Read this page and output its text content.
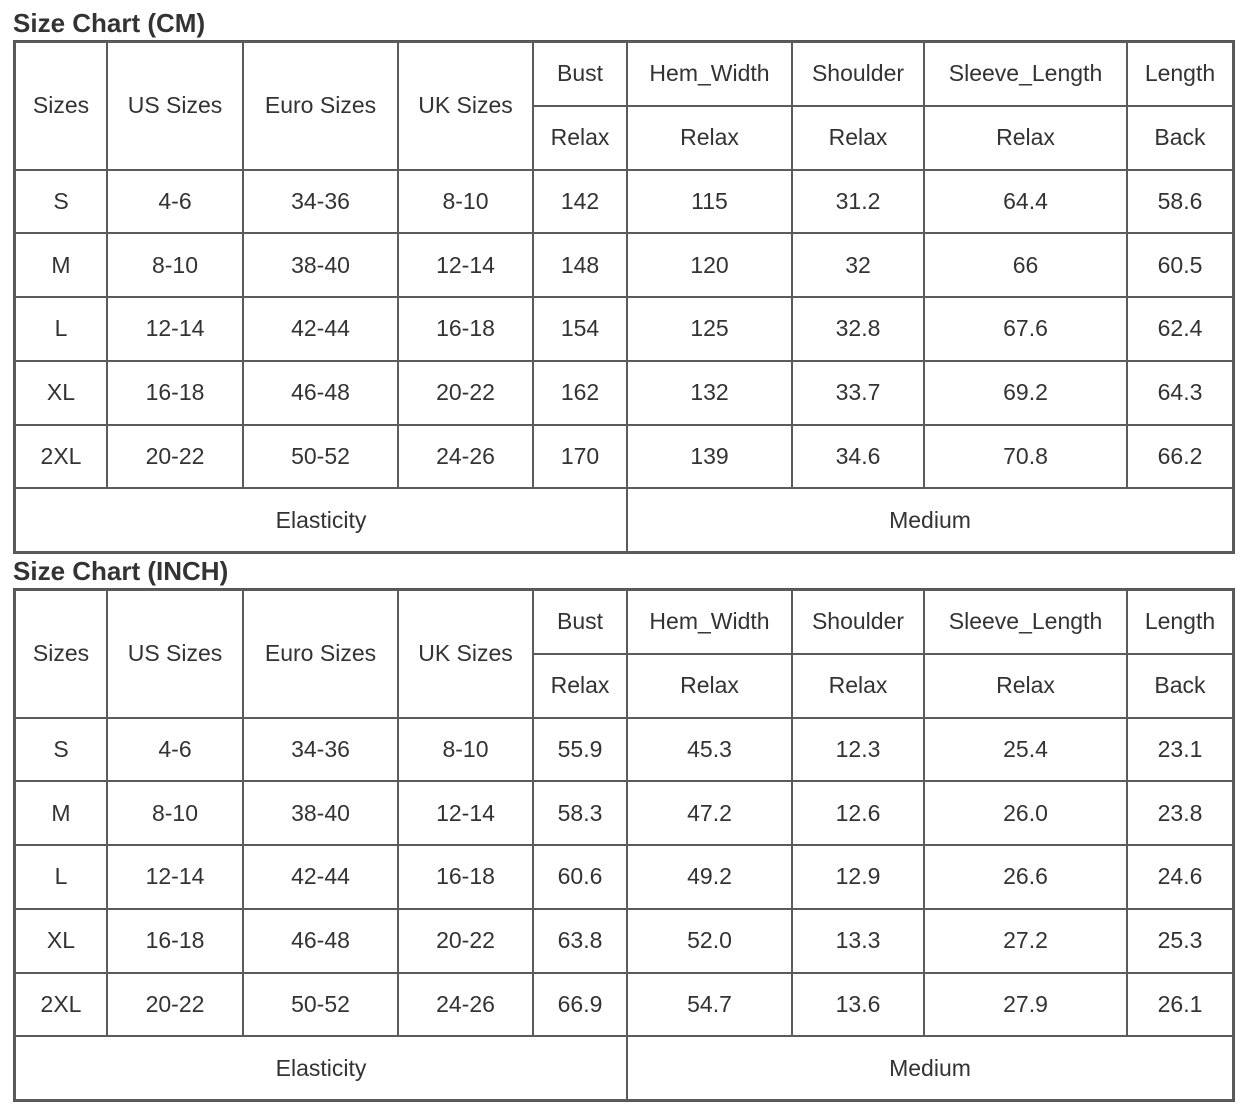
Size Chart (CM)
Sizes	US Sizes	Euro Sizes	UK Sizes	Bust	Hem_Width	Shoulder	Sleeve_Length	Length
				Relax	Relax	Relax	Relax	Back
S	4-6	34-36	8-10	142	115	31.2	64.4	58.6
M	8-10	38-40	12-14	148	120	32	66	60.5
L	12-14	42-44	16-18	154	125	32.8	67.6	62.4
XL	16-18	46-48	20-22	162	132	33.7	69.2	64.3
2XL	20-22	50-52	24-26	170	139	34.6	70.8	66.2
Elasticity					Medium			
Size Chart (INCH)
Sizes	US Sizes	Euro Sizes	UK Sizes	Bust	Hem_Width	Shoulder	Sleeve_Length	Length
				Relax	Relax	Relax	Relax	Back
S	4-6	34-36	8-10	55.9	45.3	12.3	25.4	23.1
M	8-10	38-40	12-14	58.3	47.2	12.6	26.0	23.8
L	12-14	42-44	16-18	60.6	49.2	12.9	26.6	24.6
XL	16-18	46-48	20-22	63.8	52.0	13.3	27.2	25.3
2XL	20-22	50-52	24-26	66.9	54.7	13.6	27.9	26.1
Elasticity					Medium			
